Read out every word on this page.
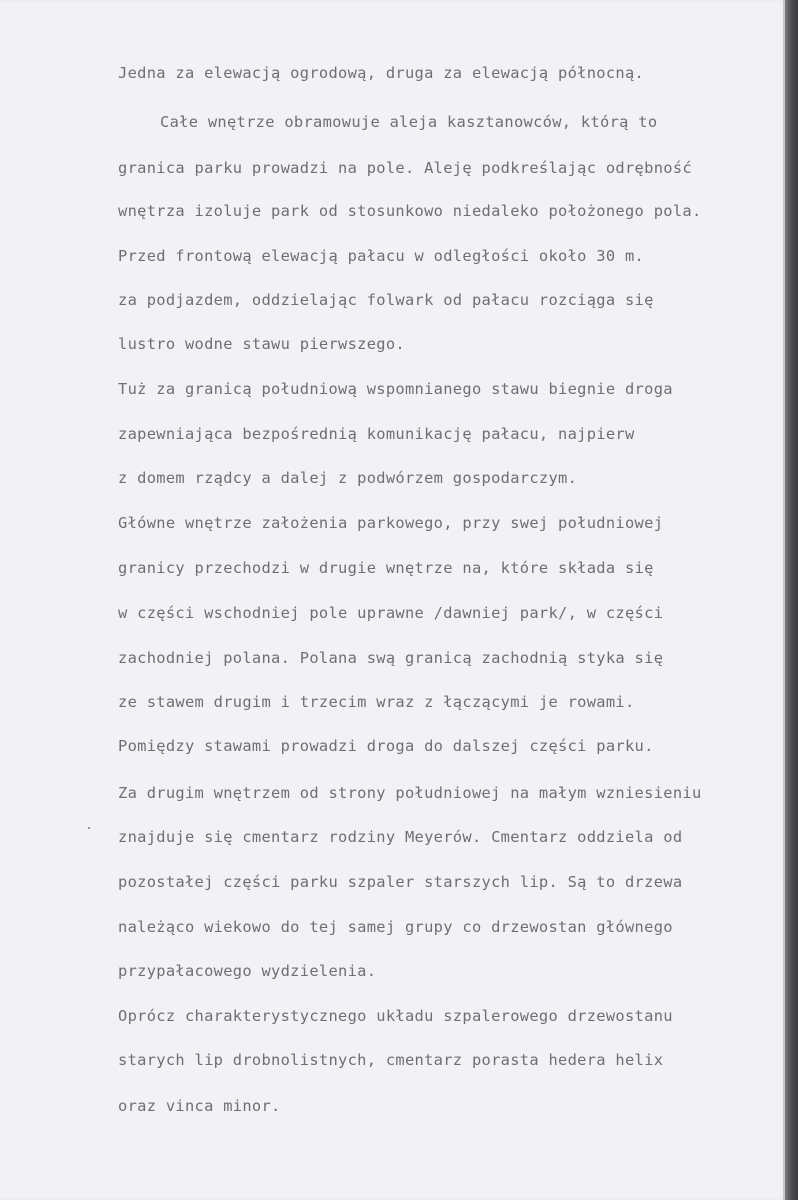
Jedna za elewacją ogrodową, druga za elewacją północną.
Całe wnętrze obramowuje aleja kasztanowców, którą to
granica parku prowadzi na pole. Aleję podkreślając odrębność
wnętrza izoluje park od stosunkowo niedaleko położonego pola.
Przed frontową elewacją pałacu w odległości około 30 m.
za podjazdem, oddzielając folwark od pałacu rozciąga się
lustro wodne stawu pierwszego.
Tuż za granicą południową wspomnianego stawu biegnie droga
zapewniająca bezpośrednią komunikację pałacu, najpierw
z domem rządcy a dalej z podwórzem gospodarczym.
Główne wnętrze założenia parkowego, przy swej południowej
granicy przechodzi w drugie wnętrze na, które składa się
w części wschodniej pole uprawne /dawniej park/, w części
zachodniej polana. Polana swą granicą zachodnią styka się
ze stawem drugim i trzecim wraz z łączącymi je rowami.
Pomiędzy stawami prowadzi droga do dalszej części parku.
Za drugim wnętrzem od strony południowej na małym wzniesieniu
znajduje się cmentarz rodziny Meyerów. Cmentarz oddziela od
pozostałej części parku szpaler starszych lip. Są to drzewa
należąco wiekowo do tej samej grupy co drzewostan głównego
przypałacowego wydzielenia.
Oprócz charakterystycznego układu szpalerowego drzewostanu
starych lip drobnolistnych, cmentarz porasta hedera helix
oraz vinca minor.
